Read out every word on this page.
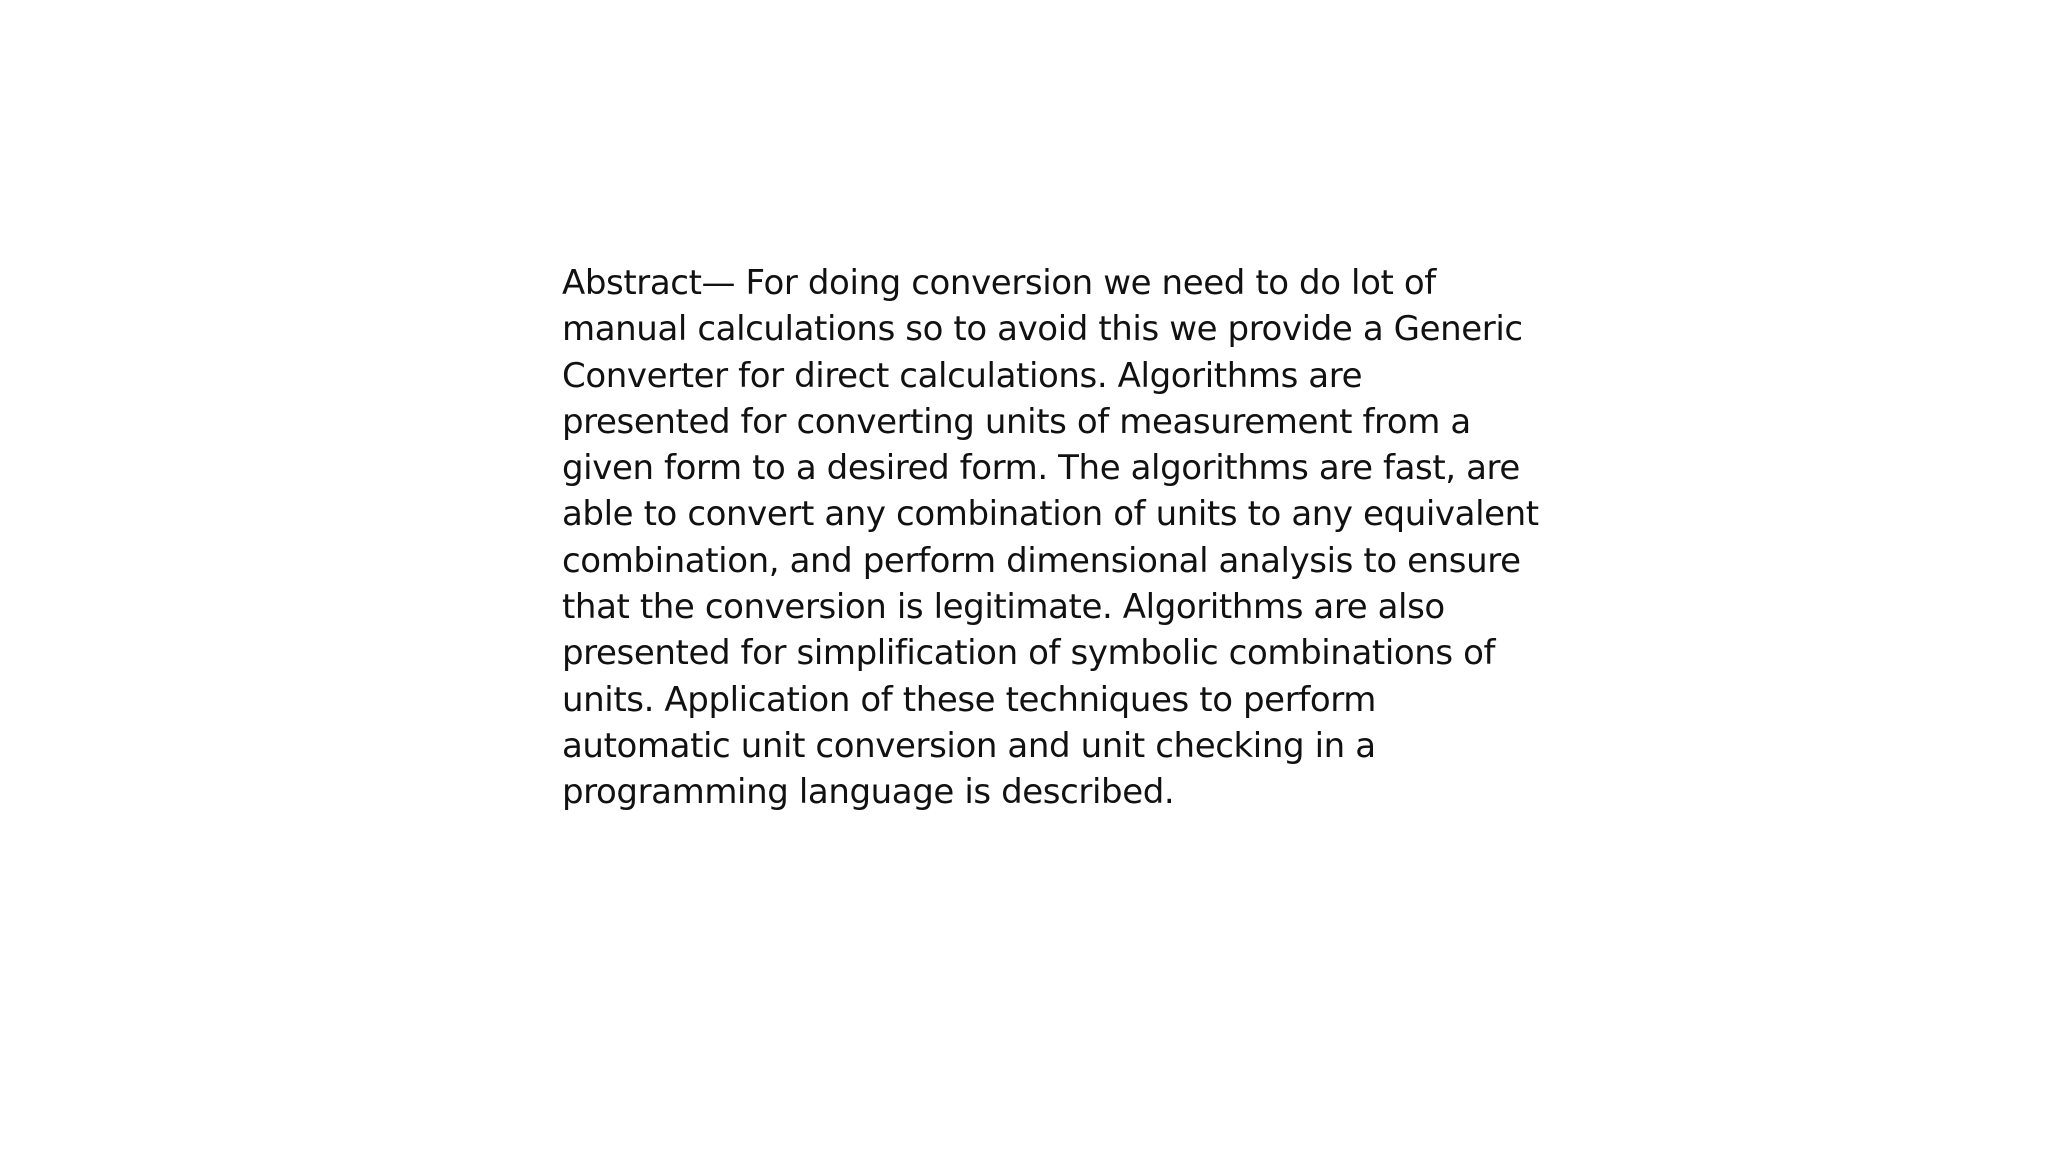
Abstract— For doing conversion we need to do lot of
manual calculations so to avoid this we provide a Generic
Converter for direct calculations. Algorithms are
presented for converting units of measurement from a
given form to a desired form. The algorithms are fast, are
able to convert any combination of units to any equivalent
combination, and perform dimensional analysis to ensure
that the conversion is legitimate. Algorithms are also
presented for simplification of symbolic combinations of
units. Application of these techniques to perform
automatic unit conversion and unit checking in a
programming language is described.
